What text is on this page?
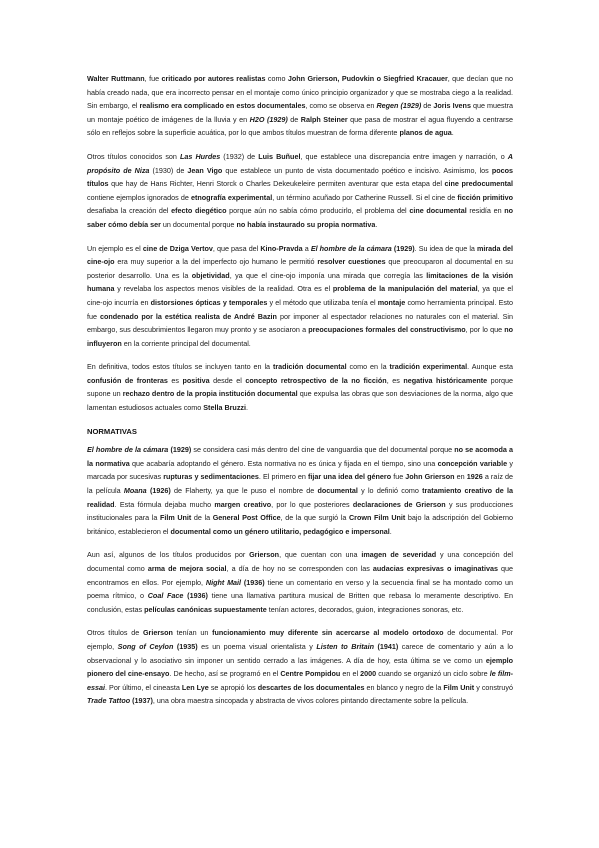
Walter Ruttmann, fue criticado por autores realistas como John Grierson, Pudovkin o Siegfried Kracauer, que decían que no había creado nada, que era incorrecto pensar en el montaje como único principio organizador y que se mostraba ciego a la realidad. Sin embargo, el realismo era complicado en estos documentales, como se observa en Regen (1929) de Joris Ivens que muestra un montaje poético de imágenes de la lluvia y en H2O (1929) de Ralph Steiner que pasa de mostrar el agua fluyendo a centrarse sólo en reflejos sobre la superficie acuática, por lo que ambos títulos muestran de forma diferente planos de agua.

Otros títulos conocidos son Las Hurdes (1932) de Luis Buñuel, que establece una discrepancia entre imagen y narración, o A propósito de Niza (1930) de Jean Vigo que establece un punto de vista documentado poético e incisivo. Asimismo, los pocos títulos que hay de Hans Richter, Henri Storck o Charles Dekeukeleire permiten aventurar que esta etapa del cine predocumental contiene ejemplos ignorados de etnografía experimental, un término acuñado por Catherine Russell. Si el cine de ficción primitivo desafiaba la creación del efecto diegético porque aún no sabía cómo producirlo, el problema del cine documental residía en no saber cómo debía ser un documental porque no había instaurado su propia normativa.

Un ejemplo es el cine de Dziga Vertov, que pasa del Kino-Pravda a El hombre de la cámara (1929). Su idea de que la mirada del cine-ojo era muy superior a la del imperfecto ojo humano le permitió resolver cuestiones que preocuparon al documental en su posterior desarrollo. Una es la objetividad, ya que el cine-ojo imponía una mirada que corregía las limitaciones de la visión humana y revelaba los aspectos menos visibles de la realidad. Otra es el problema de la manipulación del material, ya que el cine-ojo incurría en distorsiones ópticas y temporales y el método que utilizaba tenía el montaje como herramienta principal. Esto fue condenado por la estética realista de André Bazin por imponer al espectador relaciones no naturales con el material. Sin embargo, sus descubrimientos llegaron muy pronto y se asociaron a preocupaciones formales del constructivismo, por lo que no influyeron en la corriente principal del documental.

En definitiva, todos estos títulos se incluyen tanto en la tradición documental como en la tradición experimental. Aunque esta confusión de fronteras es positiva desde el concepto retrospectivo de la no ficción, es negativa históricamente porque supone un rechazo dentro de la propia institución documental que expulsa las obras que son desviaciones de la norma, algo que lamentan estudiosos actuales como Stella Bruzzi.

NORMATIVAS

El hombre de la cámara (1929) se considera casi más dentro del cine de vanguardia que del documental porque no se acomoda a la normativa que acabaría adoptando el género. Esta normativa no es única y fijada en el tiempo, sino una concepción variable y marcada por sucesivas rupturas y sedimentaciones. El primero en fijar una idea del género fue John Grierson en 1926 a raíz de la película Moana (1926) de Flaherty, ya que le puso el nombre de documental y lo definió como tratamiento creativo de la realidad. Esta fórmula dejaba mucho margen creativo, por lo que posteriores declaraciones de Grierson y sus producciones institucionales para la Film Unit de la General Post Office, de la que surgió la Crown Film Unit bajo la adscripción del Gobierno británico, establecieron el documental como un género utilitario, pedagógico e impersonal.

Aun así, algunos de los títulos producidos por Grierson, que cuentan con una imagen de severidad y una concepción del documental como arma de mejora social, a día de hoy no se corresponden con las audacias expresivas o imaginativas que encontramos en ellos. Por ejemplo, Night Mail (1936) tiene un comentario en verso y la secuencia final se ha montado como un poema rítmico, o Coal Face (1936) tiene una llamativa partitura musical de Britten que rebasa lo meramente descriptivo. En conclusión, estas películas canónicas supuestamente tenían actores, decorados, guion, integraciones sonoras, etc.

Otros títulos de Grierson tenían un funcionamiento muy diferente sin acercarse al modelo ortodoxo de documental. Por ejemplo, Song of Ceylon (1935) es un poema visual orientalista y Listen to Britain (1941) carece de comentario y aún a lo observacional y lo asociativo sin imponer un sentido cerrado a las imágenes. A día de hoy, esta última se ve como un ejemplo pionero del cine-ensayo. De hecho, así se programó en el Centre Pompidou en el 2000 cuando se organizó un ciclo sobre le film-essai. Por último, el cineasta Len Lye se apropió los descartes de los documentales en blanco y negro de la Film Unit y construyó Trade Tattoo (1937), una obra maestra sincopada y abstracta de vivos colores pintando directamente sobre la película.
